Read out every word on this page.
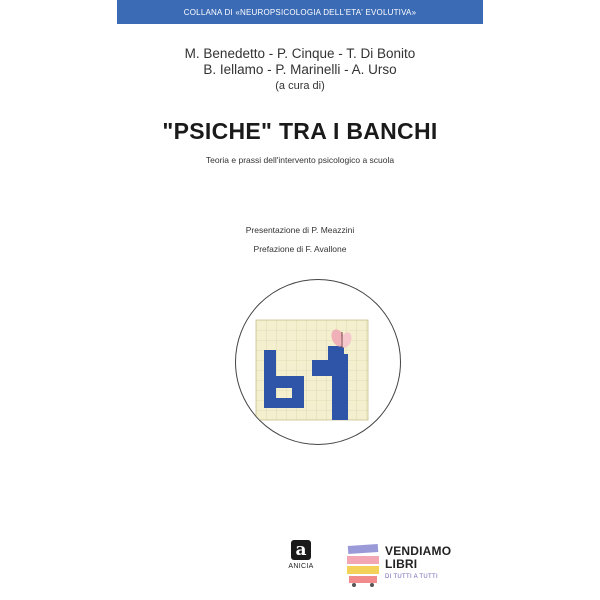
COLLANA DI «NEUROPSICOLOGIA DELL'ETA' EVOLUTIVA»
M. Benedetto - P. Cinque - T. Di Bonito
B. Iellamo - P. Marinelli - A. Urso
(a cura di)
"PSICHE" TRA I BANCHI
Teoria e prassi dell'intervento psicologico a scuola
Presentazione di P. Meazzini
Prefazione di F. Avallone
a
ANICIA
VENDIAMO
LIBRI
DI TUTTI A TUTTI
